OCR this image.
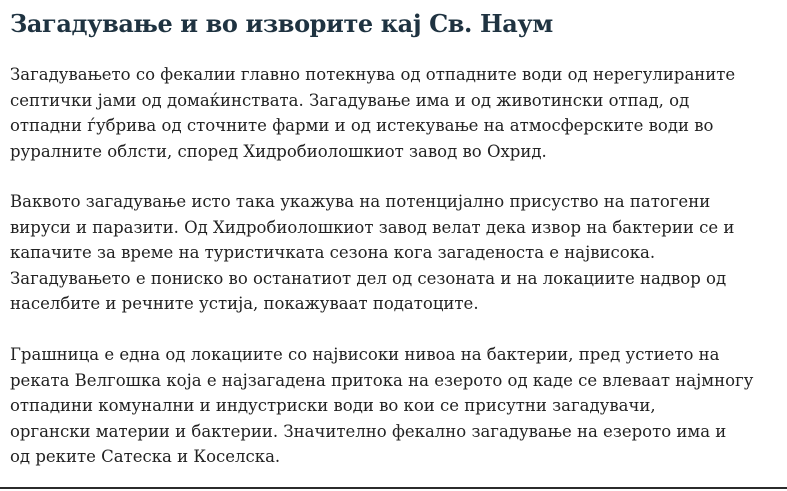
Загадување и во изворите кај Св. Наум

Загадувањето со фекалии главно потекнува од отпадните води од нерегулираните
септички јами од домаќинствата. Загадување има и од животински отпад, од
отпадни ѓубрива од сточните фарми и од истекување на атмосферските води во
руралните облсти, според Хидробиолошкиот завод во Охрид.

Ваквото загадување исто така укажува на потенцијално присуство на патогени
вируси и паразити. Од Хидробиолошкиот завод велат дека извор на бактерии се и
капачите за време на туристичката сезона кога загаденоста е највисока.
Загадувањето е пониско во останатиот дел од сезоната и на локациите надвор од
населбите и речните устија, покажуваат податоците.

Грашница е една од локациите со највисоки нивоа на бактерии, пред устието на
реката Велгошка која е најзагадена притока на езерото од каде се влеваат најмногу
отпадини комунални и индустриски води во кои се присутни загадувачи,
органски материи и бактерии. Значително фекално загадување на езерото има и
од реките Сатеска и Коселска.
